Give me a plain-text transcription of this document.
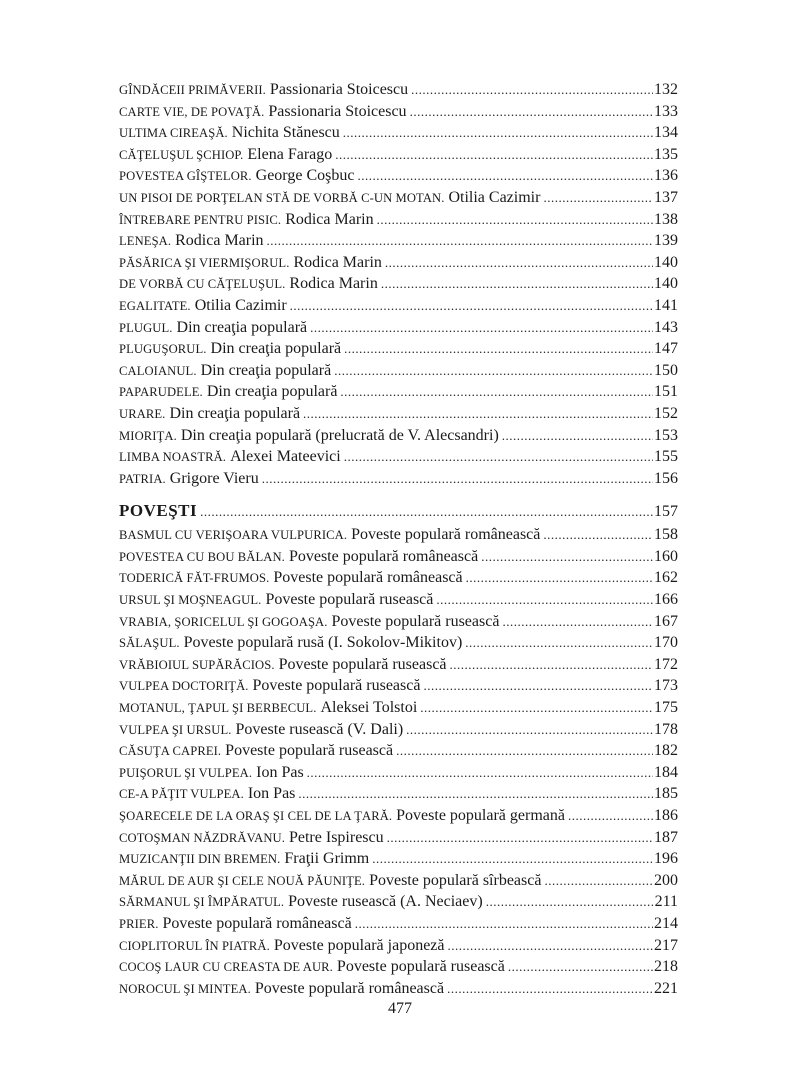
GÎNDĂCEII PRIMĂVERII. Passionaria Stoicescu .....	132
CARTE VIE, DE POVAŢĂ. Passionaria Stoicescu .....	133
ULTIMA CIREAŞĂ. Nichita Stănescu .....	134
CĂŢELUŞUL ŞCHIOP. Elena Farago .....	135
POVESTEA GÎŞTELOR. George Coşbuc .....	136
UN PISOI DE PORŢELAN STĂ DE VORBĂ C-UN MOTAN. Otilia Cazimir .....	137
ÎNTREBARE PENTRU PISIC. Rodica Marin .....	138
LENEŞA. Rodica Marin .....	139
PĂSĂRICA ŞI VIERMIŞORUL. Rodica Marin .....	140
DE VORBĂ CU CĂŢELUŞUL. Rodica Marin .....	140
EGALITATE. Otilia Cazimir .....	141
PLUGUL. Din creaţia populară .....	143
PLUGUŞORUL. Din creaţia populară .....	147
CALOIANUL. Din creaţia populară .....	150
PAPARUDELE. Din creaţia populară .....	151
URARE. Din creaţia populară .....	152
MIORIŢA. Din creaţia populară (prelucrată de V. Alecsandri) .....	153
LIMBA NOASTRĂ. Alexei Mateevici .....	155
PATRIA. Grigore Vieru .....	156
POVEŞTI .....	157
BASMUL CU VERIŞOARA VULPURICA. Poveste populară românească .....	158
POVESTEA CU BOU BĂLAN. Poveste populară românească .....	160
TODERICĂ FĂT-FRUMOS. Poveste populară românească .....	162
URSUL ŞI MOŞNEAGUL. Poveste populară rusească .....	166
VRABIA, ŞORICELUL ŞI GOGOAŞA. Poveste populară rusească .....	167
SĂLAŞUL. Poveste populară rusă (I. Sokolov-Mikitov) .....	170
VRĂBIOIUL SUPĂRĂCIOS. Poveste populară rusească .....	172
VULPEA DOCTORIŢĂ. Poveste populară rusească .....	173
MOTANUL, ŢAPUL ŞI BERBECUL. Aleksei Tolstoi .....	175
VULPEA ŞI URSUL. Poveste rusească (V. Dali) .....	178
CĂSUŢA CAPREI. Poveste populară rusească .....	182
PUIŞORUL ŞI VULPEA. Ion Pas .....	184
CE-A PĂŢIT VULPEA. Ion Pas .....	185
ŞOARECELE DE LA ORAŞ ŞI CEL DE LA ŢARĂ. Poveste populară germană .....	186
COTOŞMAN NĂZDRĂVANU. Petre Ispirescu .....	187
MUZICANŢII DIN BREMEN. Fraţii Grimm .....	196
MĂRUL DE AUR ŞI CELE NOUĂ PĂUNIŢE. Poveste populară sîrbească .....	200
SĂRMANUL ŞI ÎMPĂRATUL. Poveste rusească (A. Neciaev) .....	211
PRIER. Poveste populară românească .....	214
CIOPLITORUL ÎN PIATRĂ. Poveste populară japoneză .....	217
COCOŞ LAUR CU CREASTA DE AUR. Poveste populară rusească .....	218
NOROCUL ŞI MINTEA. Poveste populară românească .....	221
477
